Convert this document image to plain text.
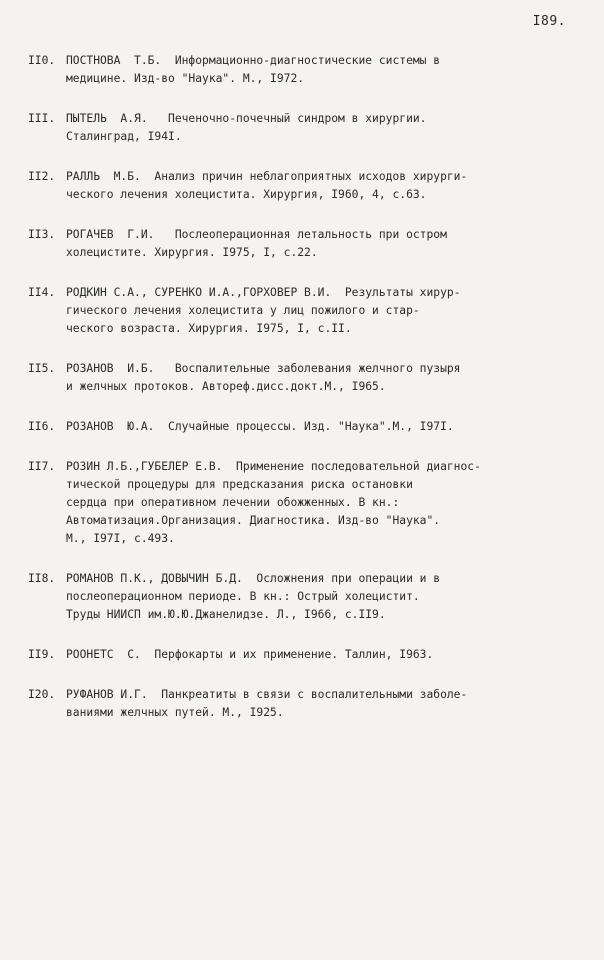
I89.
II0. ПОСТНОВА  Т.Б.  Информационно-диагностические системы в
медицине. Изд-во "Наука". М., I972.
III. ПЫТЕЛЬ  А.Я.   Печеночно-почечный синдром в хирургии.
Сталинград, I94I.
II2. РАЛЛЬ  М.Б.  Анализ причин неблагоприятных исходов хирурги-
ческого лечения холецистита. Хирургия, I960, 4, с.63.
II3. РОГАЧЕВ  Г.И.   Послеоперационная летальность при остром
холецистите. Хирургия. I975, I, с.22.
II4. РОДКИН С.А., СУРЕНКО И.А.,ГОРХОВЕР В.И.  Результаты хирур-
гического лечения холецистита у лиц пожилого и стар-
ческого возраста. Хирургия. I975, I, с.II.
II5. РОЗАНОВ  И.Б.   Воспалительные заболевания желчного пузыря
и желчных протоков. Автореф.дисс.докт.М., I965.
II6. РОЗАНОВ  Ю.А.  Случайные процессы. Изд. "Наука".М., I97I.
II7. РОЗИН Л.Б.,ГУБЕЛЕР Е.В.  Применение последовательной диагнос-
тической процедуры для предсказания риска остановки
сердца при оперативном лечении обожженных. В кн.:
Автоматизация.Организация. Диагностика. Изд-во "Наука".
М., I97I, с.493.
II8. РОМАНОВ П.К., ДОВЫЧИН Б.Д.  Осложнения при операции и в
послеоперационном периоде. В кн.: Острый холецистит.
Труды НИИСП им.Ю.Ю.Джанелидзе. Л., I966, с.II9.
II9. РООНЕТС  С.  Перфокарты и их применение. Таллин, I963.
I20. РУФАНОВ И.Г.  Панкреатиты в связи с воспалительными заболе-
ваниями желчных путей. М., I925.
